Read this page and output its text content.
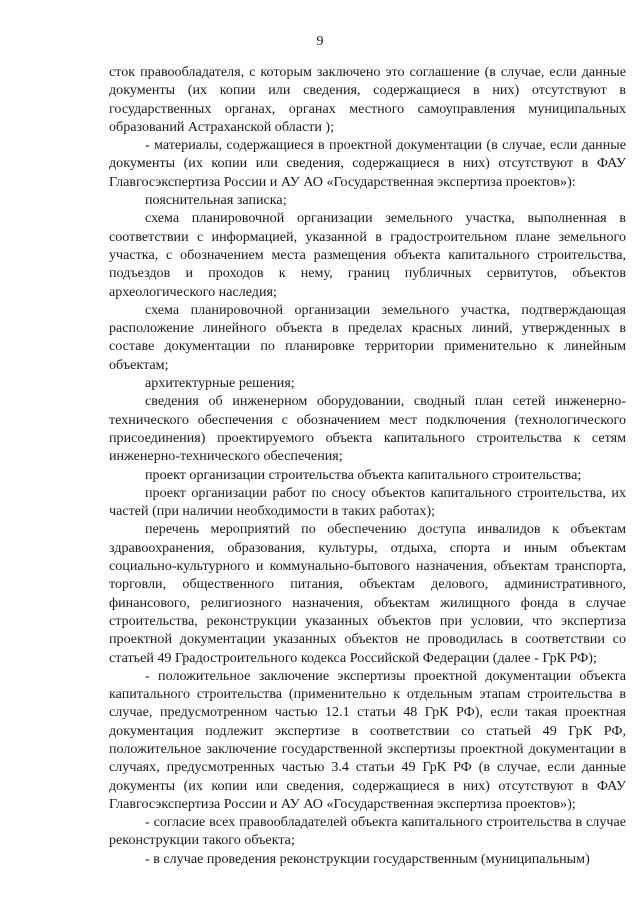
9

сток правообладателя, с которым заключено это соглашение (в случае, если данные документы (их копии или сведения, содержащиеся в них) отсутствуют в государственных органах, органах местного самоуправления муниципальных образований Астраханской области );

- материалы, содержащиеся в проектной документации (в случае, если данные документы (их копии или сведения, содержащиеся в них) отсутствуют в ФАУ Главгосэкспертиза России и АУ АО «Государственная экспертиза проектов»):

пояснительная записка;

схема планировочной организации земельного участка, выполненная в соответствии с информацией, указанной в градостроительном плане земельного участка, с обозначением места размещения объекта капитального строительства, подъездов и проходов к нему, границ публичных сервитутов, объектов археологического наследия;

схема планировочной организации земельного участка, подтверждающая расположение линейного объекта в пределах красных линий, утвержденных в составе документации по планировке территории применительно к линейным объектам;

архитектурные решения;

сведения об инженерном оборудовании, сводный план сетей инженерно-технического обеспечения с обозначением мест подключения (технологического присоединения) проектируемого объекта капитального строительства к сетям инженерно-технического обеспечения;

проект организации строительства объекта капитального строительства;

проект организации работ по сносу объектов капитального строительства, их частей (при наличии необходимости в таких работах);

перечень мероприятий по обеспечению доступа инвалидов к объектам здравоохранения, образования, культуры, отдыха, спорта и иным объектам социально-культурного и коммунально-бытового назначения, объектам транспорта, торговли, общественного питания, объектам делового, административного, финансового, религиозного назначения, объектам жилищного фонда в случае строительства, реконструкции указанных объектов при условии, что экспертиза проектной документации указанных объектов не проводилась в соответствии со статьей 49 Градостроительного кодекса Российской Федерации (далее - ГрК РФ);

- положительное заключение экспертизы проектной документации объекта капитального строительства (применительно к отдельным этапам строительства в случае, предусмотренном частью 12.1 статьи 48 ГрК РФ), если такая проектная документация подлежит экспертизе в соответствии со статьей 49 ГрК РФ, положительное заключение государственной экспертизы проектной документации в случаях, предусмотренных частью 3.4 статьи 49 ГрК РФ (в случае, если данные документы (их копии или сведения, содержащиеся в них) отсутствуют в ФАУ Главгосэкспертиза России и АУ АО «Государственная экспертиза проектов»);

- согласие всех правообладателей объекта капитального строительства в случае реконструкции такого объекта;

- в случае проведения реконструкции государственным (муниципальным)
